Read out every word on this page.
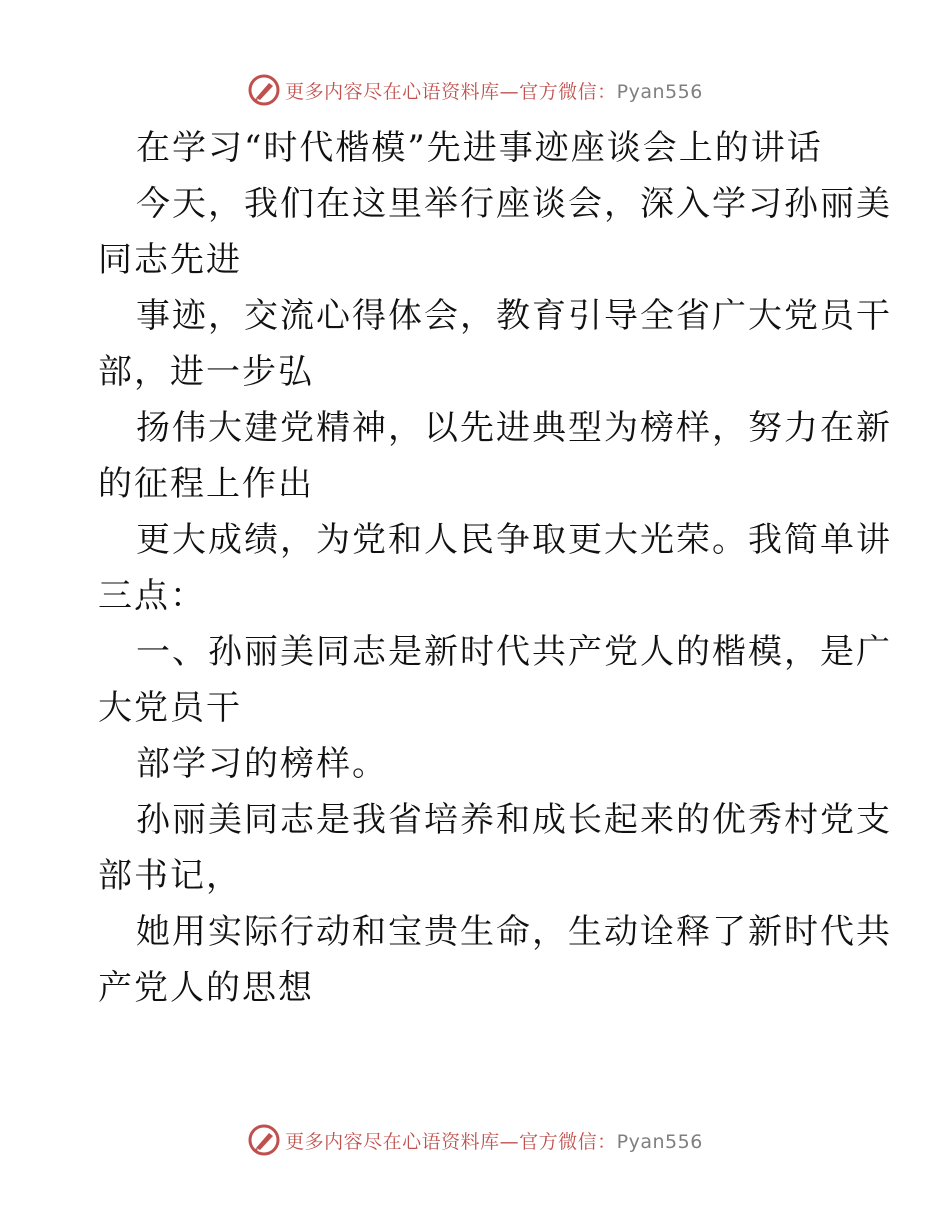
更多内容尽在心语资料库—官方微信：Pyan556
在学习“时代楷模”先进事迹座谈会上的讲话
今天，我们在这里举行座谈会，深入学习孙丽美
同志先进
事迹，交流心得体会，教育引导全省广大党员干
部，进一步弘
扬伟大建党精神，以先进典型为榜样，努力在新
的征程上作出
更大成绩，为党和人民争取更大光荣。我简单讲
三点：
一、孙丽美同志是新时代共产党人的楷模，是广
大党员干
部学习的榜样。
孙丽美同志是我省培养和成长起来的优秀村党支
部书记，
她用实际行动和宝贵生命，生动诠释了新时代共
产党人的思想
更多内容尽在心语资料库—官方微信：Pyan556
